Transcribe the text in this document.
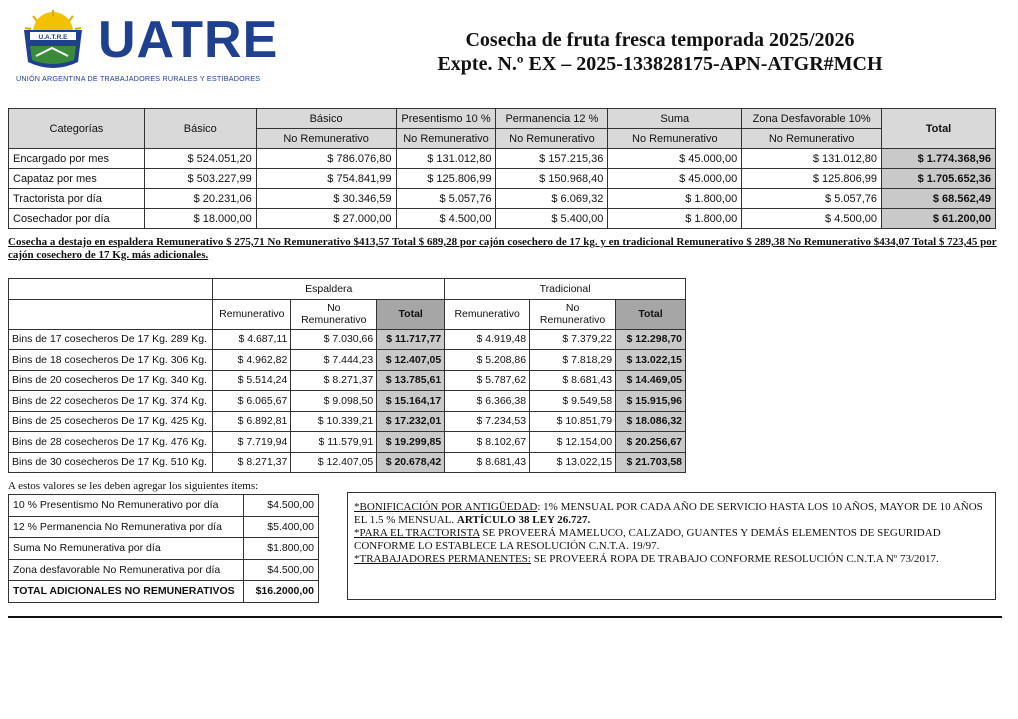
U.A.T.R.E UATRE
UNIÓN ARGENTINA DE TRABAJADORES RURALES Y ESTIBADORES
Cosecha de fruta fresca temporada 2025/2026
Expte. N.º EX – 2025-133828175-APN-ATGR#MCH
Categorías	Básico	Básico	Presentismo 10 %	Permanencia 12 %	Suma	Zona Desfavorable 10%	Total
		No Remunerativo	No Remunerativo	No Remunerativo	No Remunerativo	No Remunerativo	
Encargado por mes	$ 524.051,20	$ 786.076,80	$ 131.012,80	$ 157.215,36	$ 45.000,00	$ 131.012,80	$ 1.774.368,96
Capataz por mes	$ 503.227,99	$ 754.841,99	$ 125.806,99	$ 150.968,40	$ 45.000,00	$ 125.806,99	$ 1.705.652,36
Tractorista por día	$ 20.231,06	$ 30.346,59	$ 5.057,76	$ 6.069,32	$ 1.800,00	$ 5.057,76	$ 68.562,49
Cosechador por día	$ 18.000,00	$ 27.000,00	$ 4.500,00	$ 5.400,00	$ 1.800,00	$ 4.500,00	$ 61.200,00
Cosecha a destajo en espaldera Remunerativo $ 275,71 No Remunerativo $413,57 Total $ 689,28 por cajón cosechero de 17 kg. y en tradicional Remunerativo $ 289,38 No Remunerativo $434,07 Total $ 723,45 por cajón cosechero de 17 Kg. más adicionales.
	Espaldera			Tradicional		
	Remunerativo	No Remunerativo	Total	Remunerativo	No Remunerativo	Total
Bins de 17 cosecheros De 17 Kg. 289 Kg.	$ 4.687,11	$ 7.030,66	$ 11.717,77	$ 4.919,48	$ 7.379,22	$ 12.298,70
Bins de 18 cosecheros De 17 Kg. 306 Kg.	$ 4.962,82	$ 7.444,23	$ 12.407,05	$ 5.208,86	$ 7.818,29	$ 13.022,15
Bins de 20 cosecheros De 17 Kg. 340 Kg.	$ 5.514,24	$ 8.271,37	$ 13.785,61	$ 5.787,62	$ 8.681,43	$ 14.469,05
Bins de 22 cosecheros De 17 Kg. 374 Kg.	$ 6.065,67	$ 9.098,50	$ 15.164,17	$ 6.366,38	$ 9.549,58	$ 15.915,96
Bins de 25 cosecheros De 17 Kg. 425 Kg.	$ 6.892,81	$ 10.339,21	$ 17.232,01	$ 7.234,53	$ 10.851,79	$ 18.086,32
Bins de 28 cosecheros De 17 Kg. 476 Kg.	$ 7.719,94	$ 11.579,91	$ 19.299,85	$ 8.102,67	$ 12.154,00	$ 20.256,67
Bins de 30 cosecheros De 17 Kg. 510 Kg.	$ 8.271,37	$ 12.407,05	$ 20.678,42	$ 8.681,43	$ 13.022,15	$ 21.703,58
A estos valores se les deben agregar los siguientes ítems:
10 % Presentismo No Remunerativo por día	$4.500,00
12 % Permanencia No Remunerativa por día	$5.400,00
Suma No Remunerativa por día	$1.800,00
Zona desfavorable No Remunerativa por día	$4.500,00
TOTAL ADICIONALES NO REMUNERATIVOS	$16.2000,00

*BONIFICACIÓN POR ANTIGÜEDAD: 1% MENSUAL POR CADA AÑO DE SERVICIO HASTA LOS 10 AÑOS, MAYOR DE 10 AÑOS EL 1.5 % MENSUAL. ARTÍCULO 38 LEY 26.727.

*PARA EL TRACTORISTA SE PROVEERÁ MAMELUCO, CALZADO, GUANTES Y DEMÁS ELEMENTOS DE SEGURIDAD CONFORME LO ESTABLECE LA RESOLUCIÓN C.N.T.A. 19/97.

*TRABAJADORES PERMANENTES: SE PROVEERÁ ROPA DE TRABAJO CONFORME RESOLUCIÓN C.N.T.A Nº 73/2017.
